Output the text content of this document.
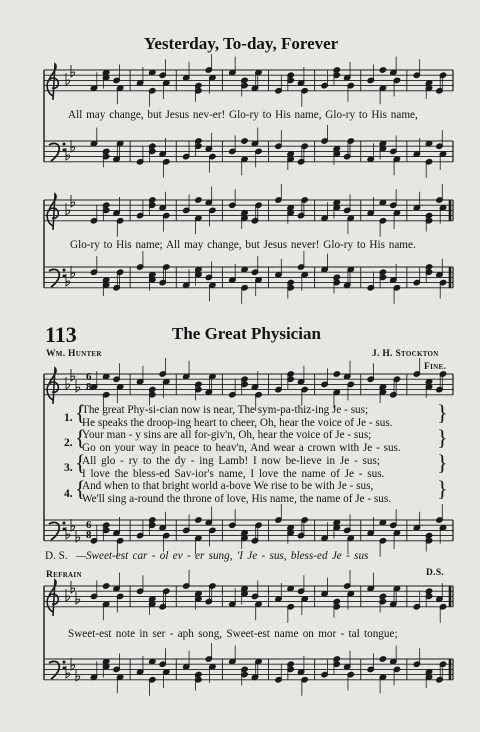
Yesterday, To-day, Forever
All may change, but Jesus nev-er! Glo-ry to His name, Glo-ry to His name,
Glo-ry to His name; All may change, but Jesus never! Glo-ry to His name.
113	The Great Physician
Wm. Hunter	J. H. Stockton
Fine.
1. {
The great Phy-si-cian now is near, The sym-pa-thiz-ing Je - sus;
He speaks the droop-ing heart to cheer, Oh, hear the voice of Je - sus. }
2. {
Your man - y sins are all for-giv'n, Oh, hear the voice of Je - sus;
Go on your way in peace to heav'n, And wear a crown with Je - sus. }
3. {
All glo - ry to the dy - ing Lamb! I now be-lieve in Je - sus;
I love the bless-ed Sav-ior's name, I love the name of Je - sus. }
4. {
And when to that bright world a-bove We rise to be with Je - sus,
We'll sing a-round the throne of love, His name, the name of Je - sus. }
D. S. —Sweet-est car - ol ev - er sung, 'I Je - sus, bless-ed Je - sus
Refrain	D.S.
Sweet-est note in ser - aph song, Sweet-est name on mor - tal tongue;
6
8
6
8
